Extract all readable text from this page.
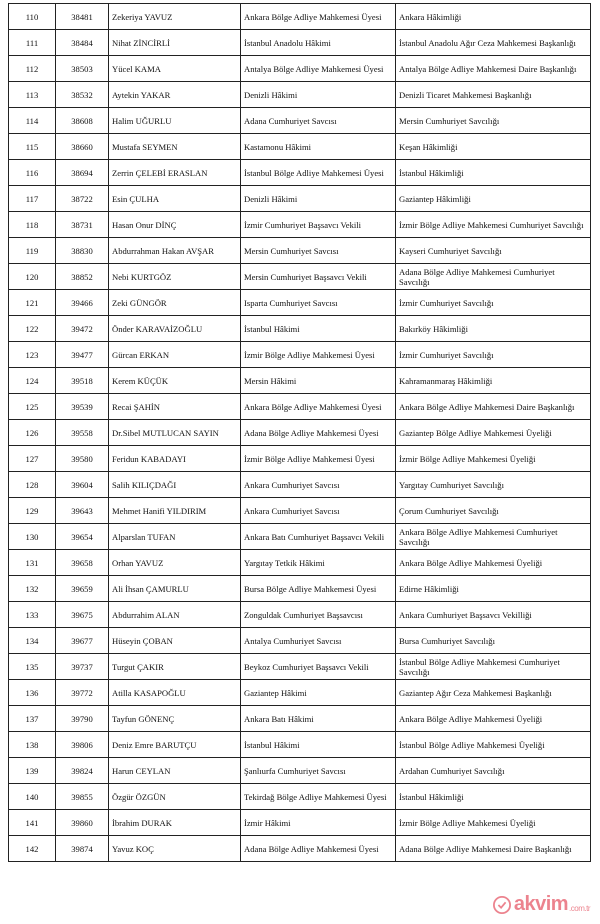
110	38481	Zekeriya YAVUZ	Ankara Bölge Adliye Mahkemesi Üyesi	Ankara Hâkimliği
111	38484	Nihat ZİNCİRLİ	İstanbul Anadolu Hâkimi	İstanbul Anadolu Ağır Ceza Mahkemesi Başkanlığı
112	38503	Yücel KAMA	Antalya Bölge Adliye Mahkemesi Üyesi	Antalya Bölge Adliye Mahkemesi Daire Başkanlığı
113	38532	Aytekin YAKAR	Denizli Hâkimi	Denizli Ticaret Mahkemesi Başkanlığı
114	38608	Halim UĞURLU	Adana Cumhuriyet Savcısı	Mersin Cumhuriyet Savcılığı
115	38660	Mustafa SEYMEN	Kastamonu Hâkimi	Keşan Hâkimliği
116	38694	Zerrin ÇELEBİ ERASLAN	İstanbul Bölge Adliye Mahkemesi Üyesi	İstanbul Hâkimliği
117	38722	Esin ÇULHA	Denizli Hâkimi	Gaziantep Hâkimliği
118	38731	Hasan Onur DİNÇ	İzmir Cumhuriyet Başsavcı Vekili	İzmir Bölge Adliye Mahkemesi Cumhuriyet Savcılığı
119	38830	Abdurrahman Hakan AVŞAR	Mersin Cumhuriyet Savcısı	Kayseri Cumhuriyet Savcılığı
120	38852	Nebi KURTGÖZ	Mersin Cumhuriyet Başsavcı Vekili	Adana Bölge Adliye Mahkemesi Cumhuriyet Savcılığı
121	39466	Zeki GÜNGÖR	Isparta Cumhuriyet Savcısı	İzmir Cumhuriyet Savcılığı
122	39472	Önder KARAVAİZOĞLU	İstanbul Hâkimi	Bakırköy Hâkimliği
123	39477	Gürcan ERKAN	İzmir Bölge Adliye Mahkemesi Üyesi	İzmir Cumhuriyet Savcılığı
124	39518	Kerem KÜÇÜK	Mersin Hâkimi	Kahramanmaraş Hâkimliği
125	39539	Recai ŞAHİN	Ankara Bölge Adliye Mahkemesi Üyesi	Ankara Bölge Adliye Mahkemesi Daire Başkanlığı
126	39558	Dr.Sibel MUTLUCAN SAYIN	Adana Bölge Adliye Mahkemesi Üyesi	Gaziantep Bölge Adliye Mahkemesi Üyeliği
127	39580	Feridun KABADAYI	İzmir Bölge Adliye Mahkemesi Üyesi	İzmir Bölge Adliye Mahkemesi Üyeliği
128	39604	Salih KILIÇDAĞI	Ankara Cumhuriyet Savcısı	Yargıtay Cumhuriyet Savcılığı
129	39643	Mehmet Hanifi YILDIRIM	Ankara Cumhuriyet Savcısı	Çorum Cumhuriyet Savcılığı
130	39654	Alparslan TUFAN	Ankara Batı Cumhuriyet Başsavcı Vekili	Ankara Bölge Adliye Mahkemesi Cumhuriyet Savcılığı
131	39658	Orhan YAVUZ	Yargıtay Tetkik Hâkimi	Ankara Bölge Adliye Mahkemesi Üyeliği
132	39659	Ali İhsan ÇAMURLU	Bursa Bölge Adliye Mahkemesi Üyesi	Edirne Hâkimliği
133	39675	Abdurrahim ALAN	Zonguldak Cumhuriyet Başsavcısı	Ankara Cumhuriyet Başsavcı Vekilliği
134	39677	Hüseyin ÇOBAN	Antalya Cumhuriyet Savcısı	Bursa Cumhuriyet Savcılığı
135	39737	Turgut ÇAKIR	Beykoz Cumhuriyet Başsavcı Vekili	İstanbul Bölge Adliye Mahkemesi Cumhuriyet Savcılığı
136	39772	Atilla KASAPOĞLU	Gaziantep Hâkimi	Gaziantep Ağır Ceza Mahkemesi Başkanlığı
137	39790	Tayfun GÖNENÇ	Ankara Batı Hâkimi	Ankara Bölge Adliye Mahkemesi Üyeliği
138	39806	Deniz Emre BARUTÇU	İstanbul Hâkimi	İstanbul Bölge Adliye Mahkemesi Üyeliği
139	39824	Harun CEYLAN	Şanlıurfa Cumhuriyet Savcısı	Ardahan Cumhuriyet Savcılığı
140	39855	Özgür ÖZGÜN	Tekirdağ Bölge Adliye Mahkemesi Üyesi	İstanbul Hâkimliği
141	39860	İbrahim DURAK	İzmir Hâkimi	İzmir Bölge Adliye Mahkemesi Üyeliği
142	39874	Yavuz KOÇ	Adana Bölge Adliye Mahkemesi Üyesi	Adana Bölge Adliye Mahkemesi Daire Başkanlığı
akvim .com.tr
